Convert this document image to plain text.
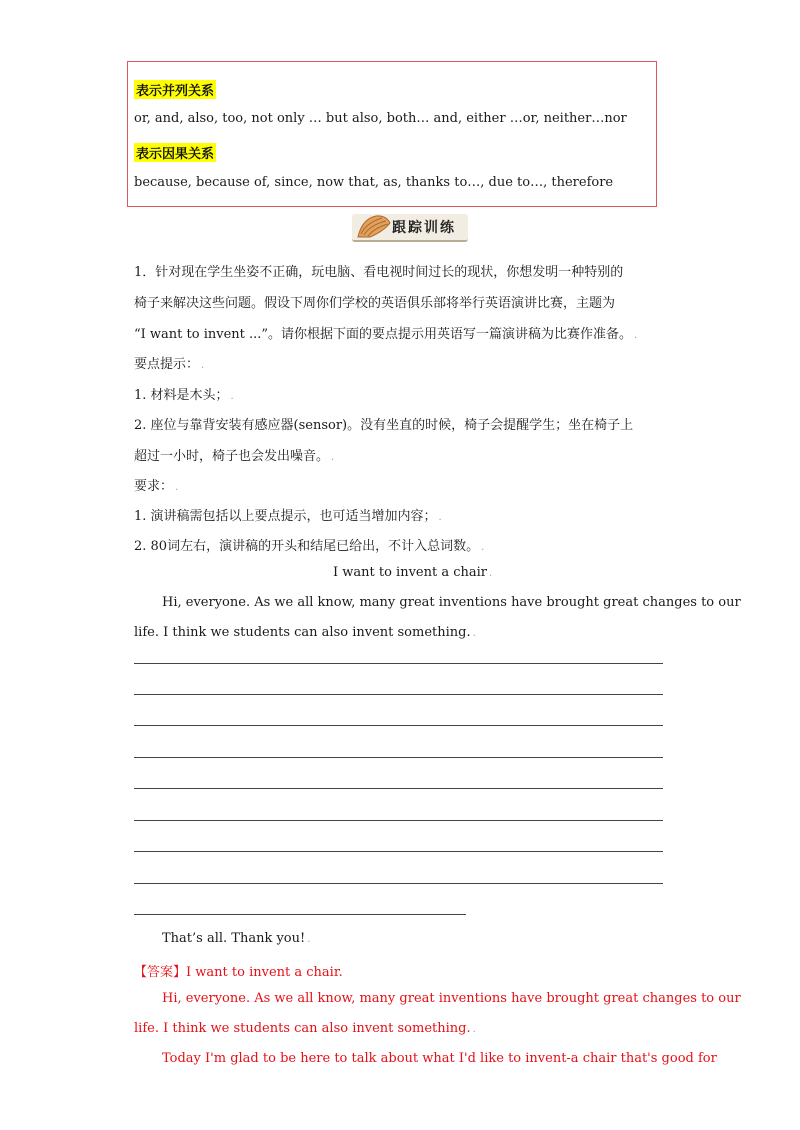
表示并列关系
or, and, also, too, not only … but also, both… and, either …or, neither…nor
表示因果关系
because, because of, since, now that, as, thanks to…, due to…, therefore
跟踪训练
1．针对现在学生坐姿不正确，玩电脑、看电视时间过长的现状，你想发明一种特别的
椅子来解决这些问题。假设下周你们学校的英语俱乐部将举行英语演讲比赛，主题为
“I want to invent ...”。请你根据下面的要点提示用英语写一篇演讲稿为比赛作准备。 .
要点提示： .
1. 材料是木头； .
2. 座位与靠背安装有感应器(sensor)。没有坐直的时候，椅子会提醒学生；坐在椅子上
超过一小时，椅子也会发出噪音。 .
要求： .
1. 演讲稿需包括以上要点提示，也可适当增加内容； .
2. 80词左右，演讲稿的开头和结尾已给出，不计入总词数。 .
I want to invent a chair .
Hi, everyone. As we all know, many great inventions have brought great changes to our
life. I think we students can also invent something. .
That’s all. Thank you! .
【答案】I want to invent a chair.
Hi, everyone. As we all know, many great inventions have brought great changes to our
life. I think we students can also invent something. .
Today I'm glad to be here to talk about what I'd like to invent-a chair that's good for
